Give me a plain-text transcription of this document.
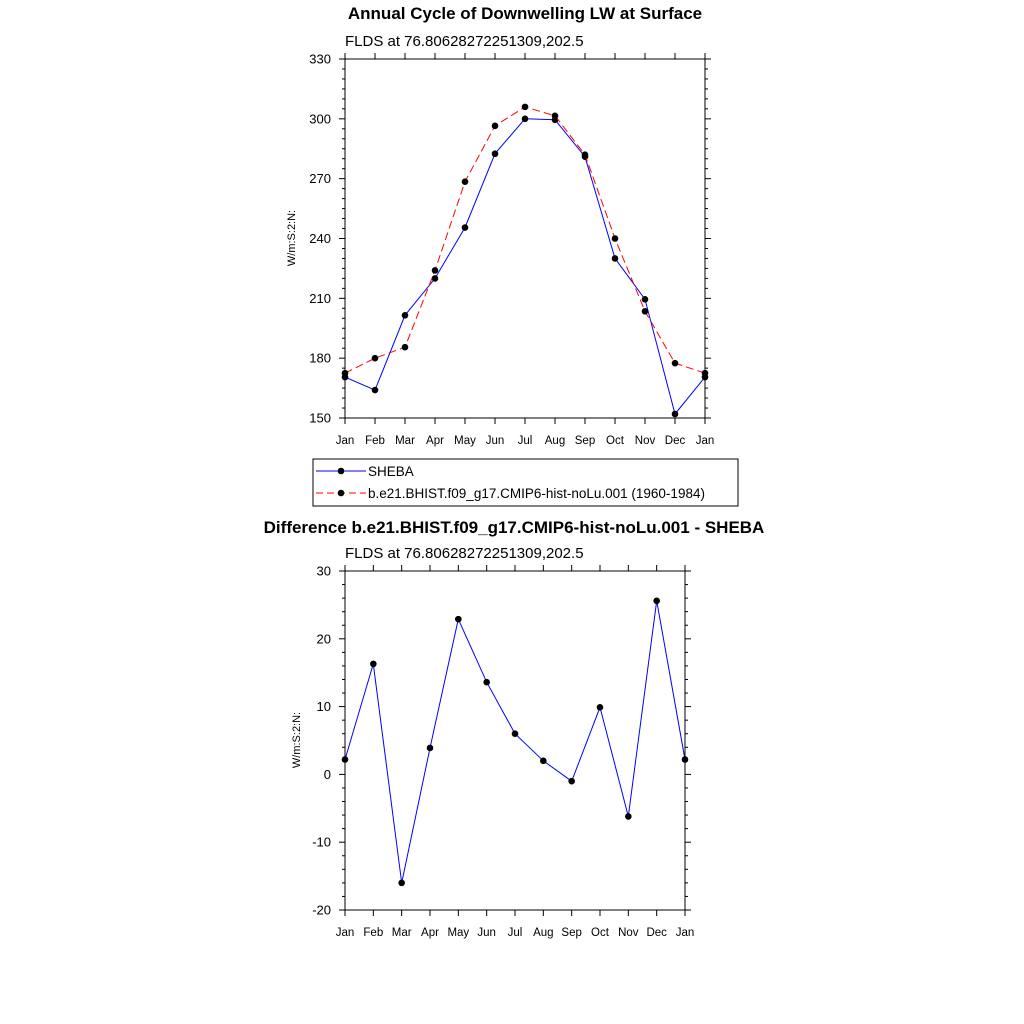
Annual Cycle of Downwelling LW at Surface
FLDS at 76.80628272251309,202.5
W/m:S:2:N:
Jan Feb Mar Apr May Jun Jul Aug Sep Oct Nov Dec Jan
150
180
210
240
270
300
330
SHEBA
b.e21.BHIST.f09_g17.CMIP6-hist-noLu.001 (1960-1984)
Difference b.e21.BHIST.f09_g17.CMIP6-hist-noLu.001 - SHEBA
FLDS at 76.80628272251309,202.5
W/m:S:2:N:
Jan Feb Mar Apr May Jun Jul Aug Sep Oct Nov Dec Jan
-20
-10
0
10
20
30
